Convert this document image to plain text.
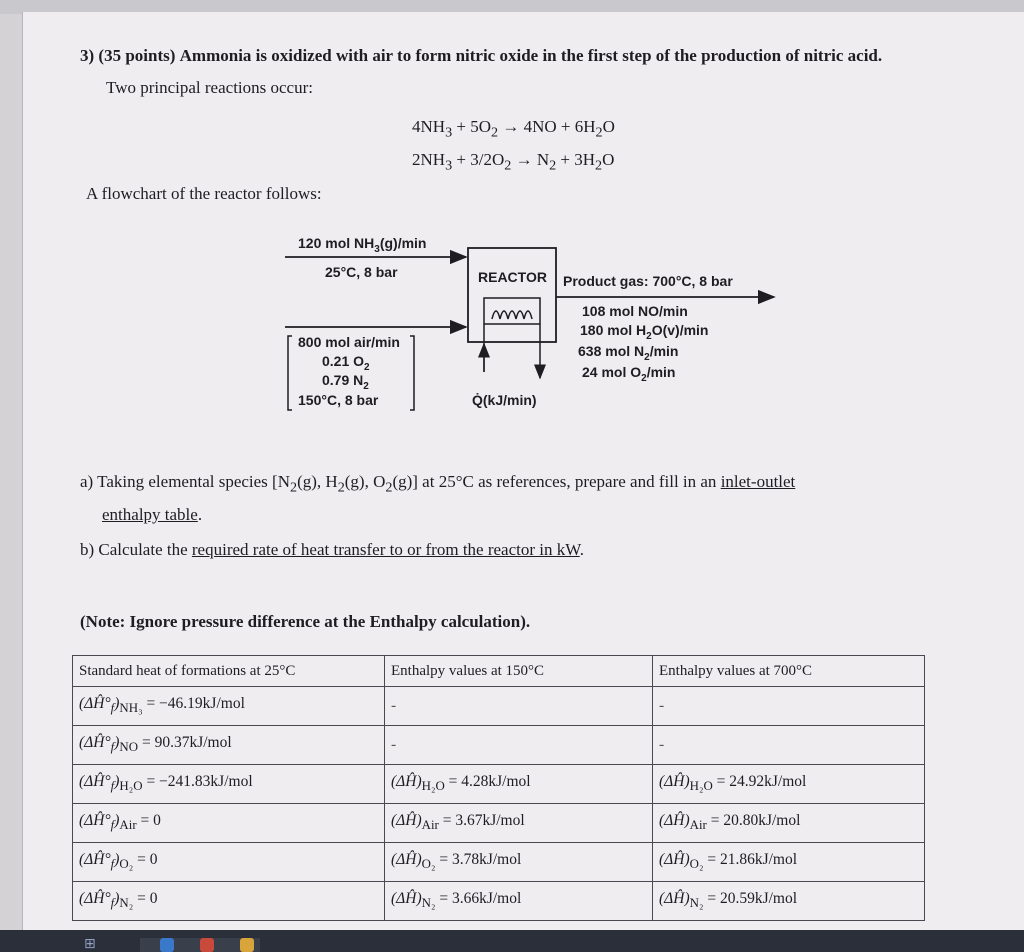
3) (35 points) Ammonia is oxidized with air to form nitric oxide in the first step of the production of nitric acid.
Two principal reactions occur:
$4NH_3 + 5O_2 \to 4NO + 6H_2O$
$2NH_3 + 3/2O_2 \to N_2 + 3H_2O$
A flowchart of the reactor follows:
120 mol $NH_3(g)/\min$
25°C, 8 bar	REACTOR
Q̇(kJ/min)
Product gas: 700°C, 8 bar
108 mol NO/min
180 mol $H_2O(v)/\min$
638 mol $N_2/\min$
24 mol $O_2/\min$
800 mol air/min
0.21 $O_2$
0.79 $N_2$
150°C, 8 bar
a) Taking elemental species [$N_2(g)$, $H_2(g)$, $O_2(g)$] at 25°C as references, prepare and fill in an inlet-outlet
enthalpy table.
b) Calculate the required rate of heat transfer to or from the reactor in kW.
(Note: Ignore pressure difference at the Enthalpy calculation).
Standard heat of formations at 25°C	Enthalpy values at 150°C	Enthalpy values at 700°C
$(\Delta Ĥ^\circ_f)_{NH_3} = -46.19kJ/mol$	-	-
$(\Delta Ĥ^\circ_f)_{NO} = 90.37kJ/mol$	-	-
$(\Delta Ĥ^\circ_f)_{H_2O} = -241.83kJ/mol$	$(\Delta Ĥ)_{H_2O} = 4.28kJ/mol$	$(\Delta Ĥ)_{H_2O} = 24.92kJ/mol$
$(\Delta Ĥ^\circ_f)_{Air} = 0$	$(\Delta Ĥ)_{Air} = 3.67kJ/mol$	$(\Delta Ĥ)_{Air} = 20.80kJ/mol$
$(\Delta Ĥ^\circ_f)_{O_2} = 0$	$(\Delta Ĥ)_{O_2} = 3.78kJ/mol$	$(\Delta Ĥ)_{O_2} = 21.86kJ/mol$
$(\Delta Ĥ^\circ_f)_{N_2} = 0$	$(\Delta Ĥ)_{N_2} = 3.66kJ/mol$	$(\Delta Ĥ)_{N_2} = 20.59kJ/mol$
⊞
